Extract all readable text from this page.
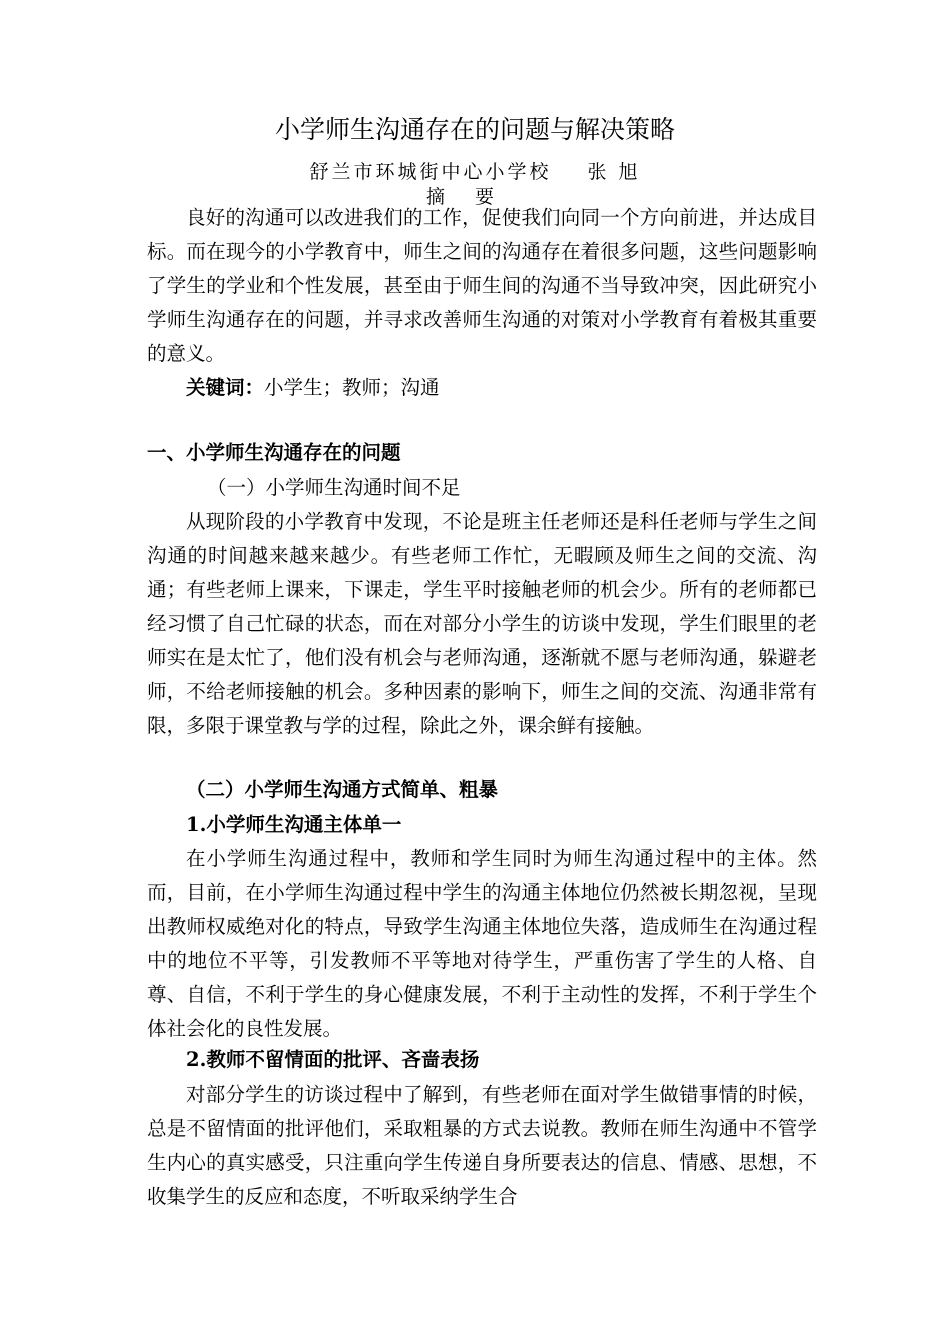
小学师生沟通存在的问题与解决策略
舒兰市环城街中心小学校 张 旭
摘要

良好的沟通可以改进我们的工作，促使我们向同一个方向前进，并达成目标。而在现今的小学教育中，师生之间的沟通存在着很多问题，这些问题影响了学生的学业和个性发展，甚至由于师生间的沟通不当导致冲突，因此研究小学师生沟通存在的问题，并寻求改善师生沟通的对策对小学教育有着极其重要的意义。

关键词：小学生；教师；沟通
一、小学师生沟通存在的问题
（一）小学师生沟通时间不足

从现阶段的小学教育中发现，不论是班主任老师还是科任老师与学生之间沟通的时间越来越来越少。有些老师工作忙，无暇顾及师生之间的交流、沟通；有些老师上课来，下课走，学生平时接触老师的机会少。所有的老师都已经习惯了自己忙碌的状态，而在对部分小学生的访谈中发现，学生们眼里的老师实在是太忙了，他们没有机会与老师沟通，逐渐就不愿与老师沟通，躲避老师，不给老师接触的机会。多种因素的影响下，师生之间的交流、沟通非常有限，多限于课堂教与学的过程，除此之外，课余鲜有接触。

（二）小学师生沟通方式简单、粗暴
1.小学师生沟通主体单一

在小学师生沟通过程中，教师和学生同时为师生沟通过程中的主体。然而，目前，在小学师生沟通过程中学生的沟通主体地位仍然被长期忽视，呈现出教师权威绝对化的特点，导致学生沟通主体地位失落，造成师生在沟通过程中的地位不平等，引发教师不平等地对待学生，严重伤害了学生的人格、自尊、自信，不利于学生的身心健康发展，不利于主动性的发挥，不利于学生个体社会化的良性发展。

2.教师不留情面的批评、吝啬表扬

对部分学生的访谈过程中了解到，有些老师在面对学生做错事情的时候，总是不留情面的批评他们，采取粗暴的方式去说教。教师在师生沟通中不管学生内心的真实感受，只注重向学生传递自身所要表达的信息、情感、思想，不收集学生的反应和态度，不听取采纳学生合
